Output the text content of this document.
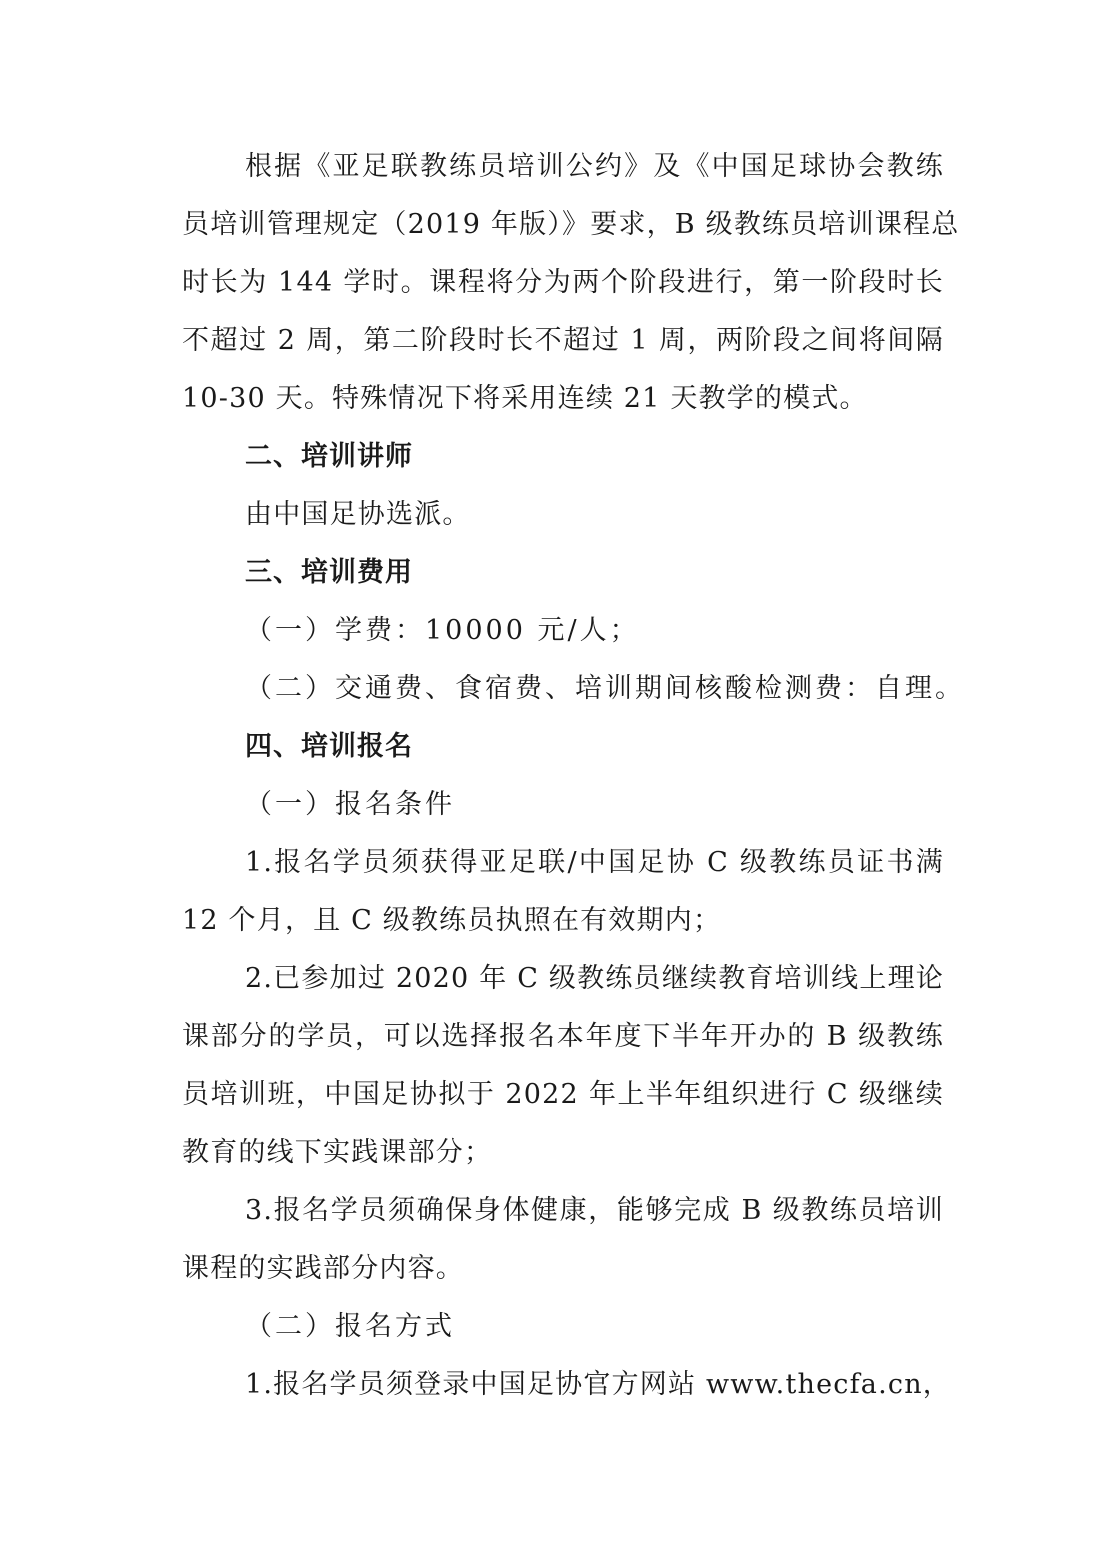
根据《亚足联教练员培训公约》及《中国足球协会教练
员培训管理规定（2019 年版）》要求，B 级教练员培训课程总
时长为 144 学时。课程将分为两个阶段进行，第一阶段时长
不超过 2 周，第二阶段时长不超过 1 周，两阶段之间将间隔
10-30 天。特殊情况下将采用连续 21 天教学的模式。
二、培训讲师
由中国足协选派。
三、培训费用
（一）学费：10000 元/人；
（二）交通费、食宿费、培训期间核酸检测费：自理。
四、培训报名
（一）报名条件
1.报名学员须获得亚足联/中国足协 C 级教练员证书满
12 个月，且 C 级教练员执照在有效期内；
2.已参加过 2020 年 C 级教练员继续教育培训线上理论
课部分的学员，可以选择报名本年度下半年开办的 B 级教练
员培训班，中国足协拟于 2022 年上半年组织进行 C 级继续
教育的线下实践课部分；
3.报名学员须确保身体健康，能够完成 B 级教练员培训
课程的实践部分内容。
（二）报名方式
1.报名学员须登录中国足协官方网站 www.thecfa.cn，
